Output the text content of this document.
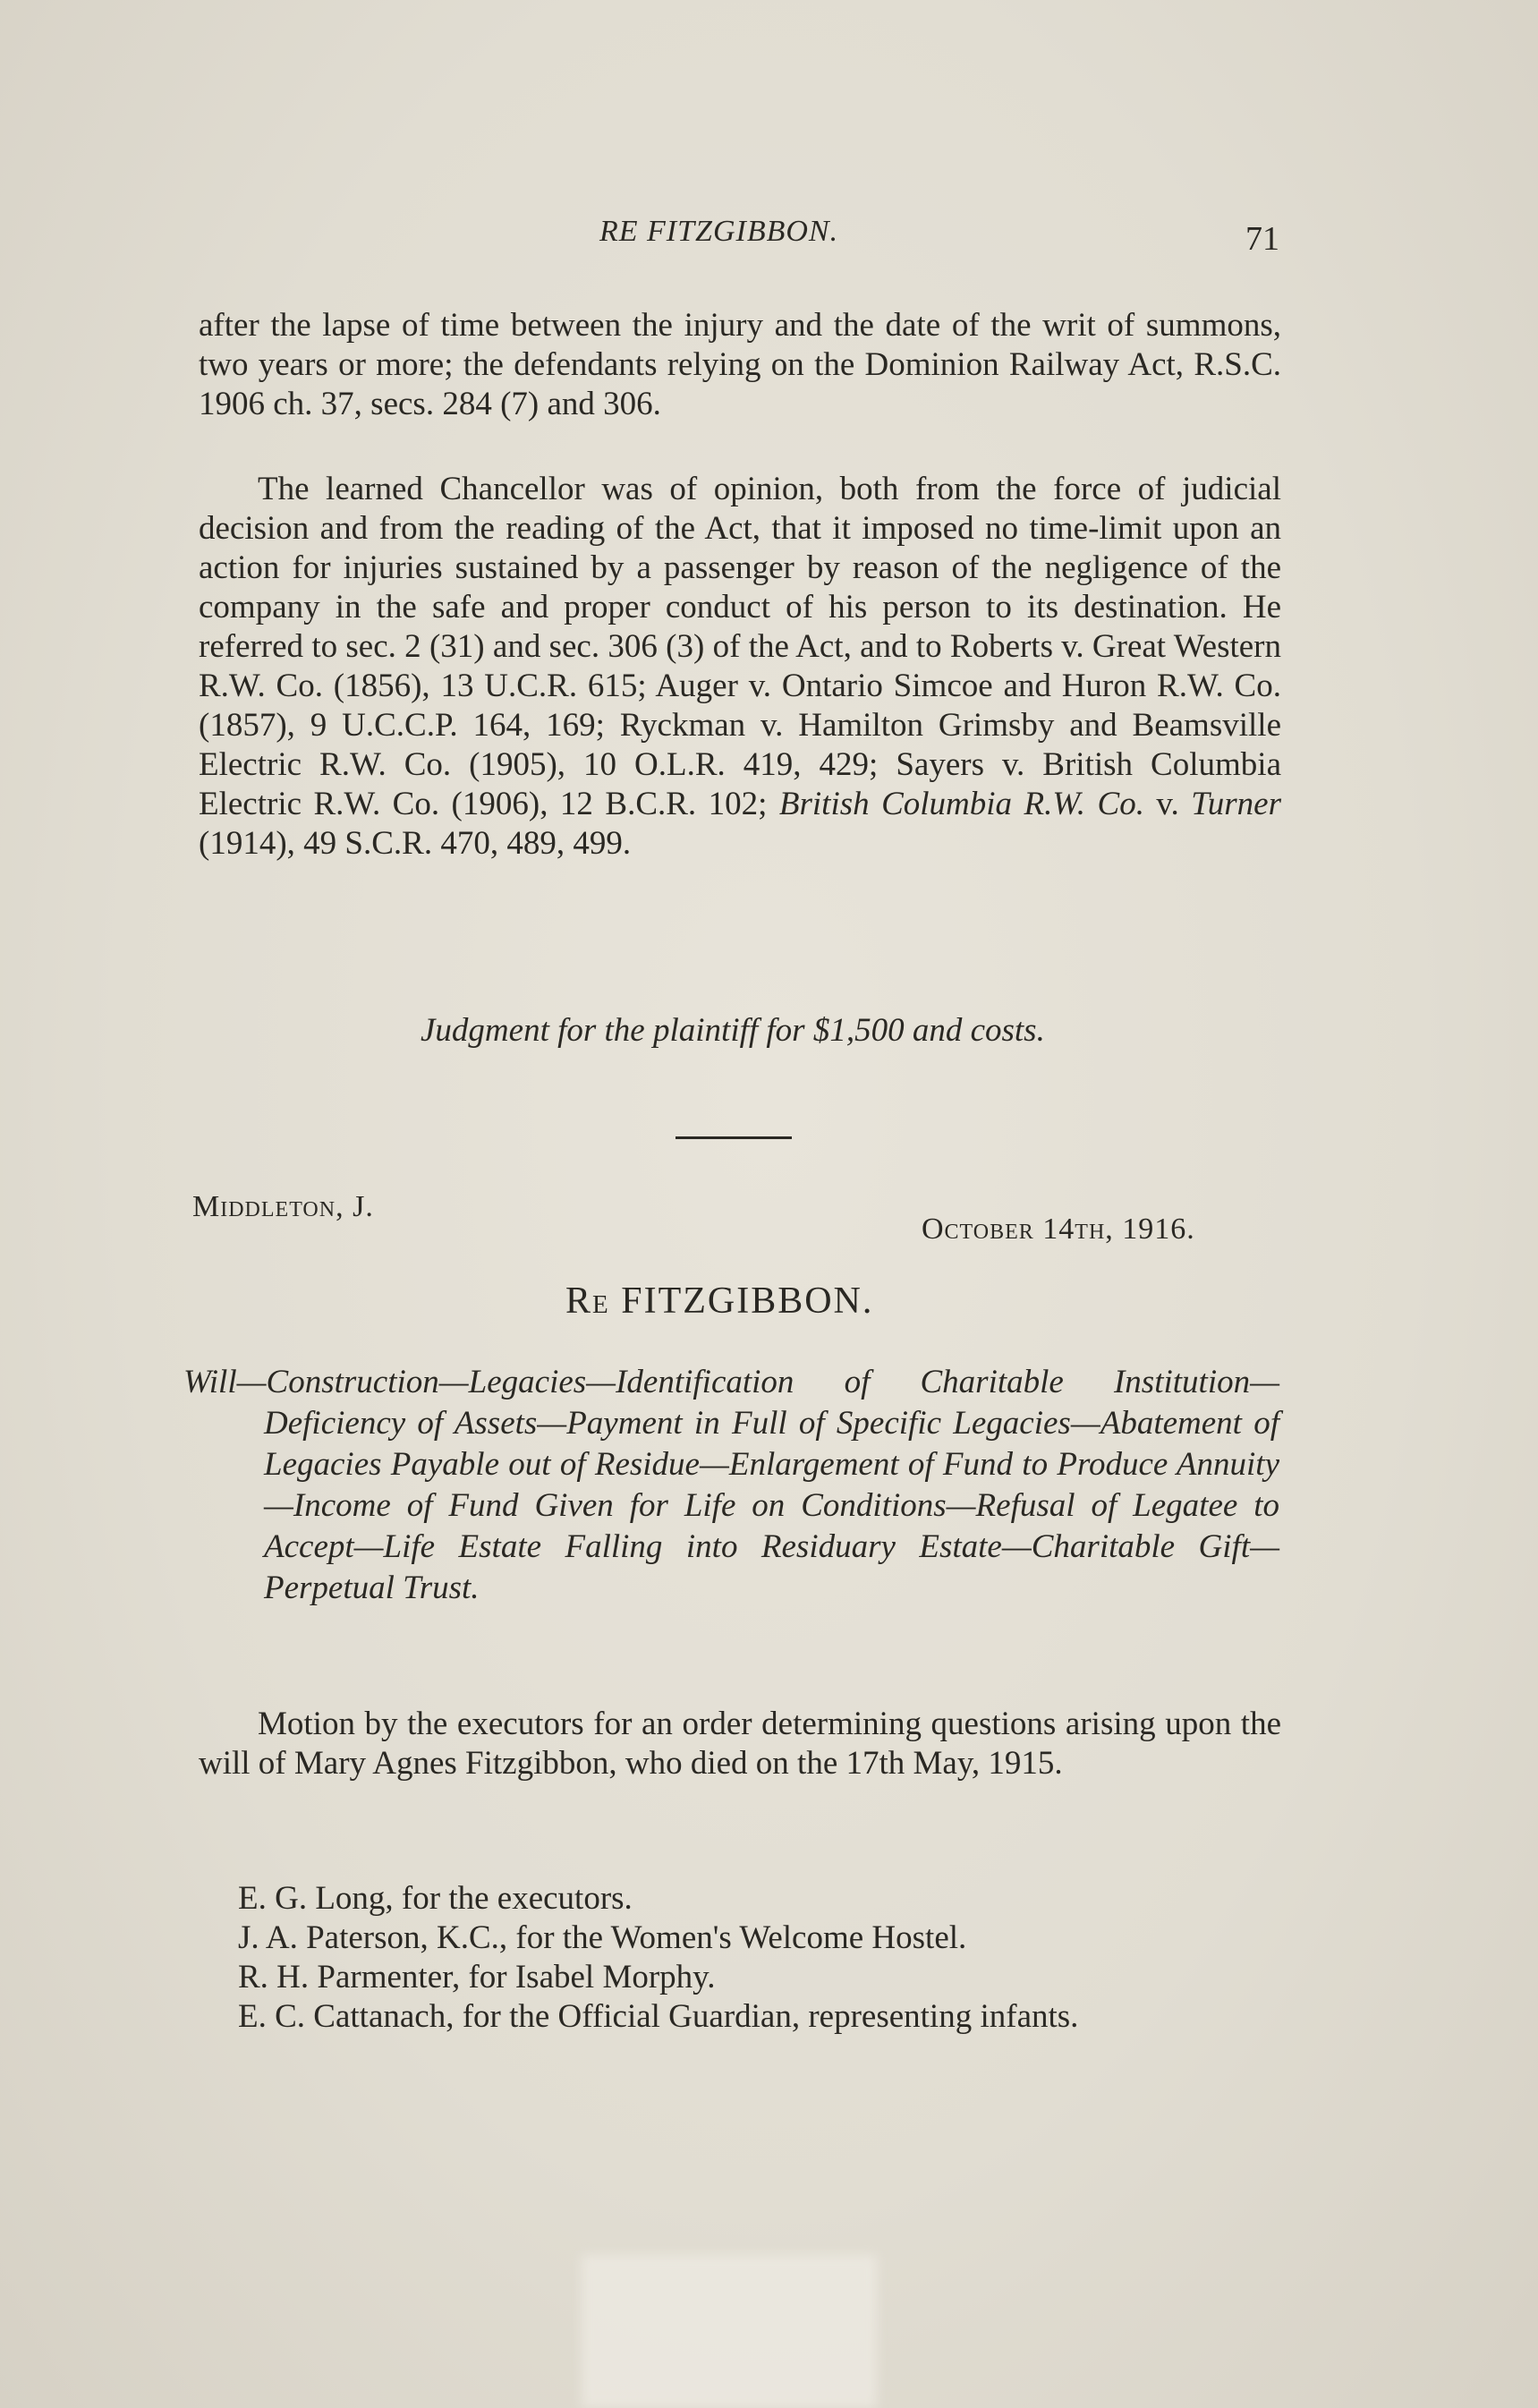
RE FITZGIBBON.	71

after the lapse of time between the injury and the date of the writ of summons, two years or more; the defendants relying on the Dominion Railway Act, R.S.C. 1906 ch. 37, secs. 284 (7) and 306.

The learned Chancellor was of opinion, both from the force of judicial decision and from the reading of the Act, that it imposed no time-limit upon an action for injuries sustained by a passenger by reason of the negligence of the company in the safe and proper conduct of his person to its destination. He referred to sec. 2 (31) and sec. 306 (3) of the Act, and to Roberts v. Great Western R.W. Co. (1856), 13 U.C.R. 615; Auger v. Ontario Simcoe and Huron R.W. Co. (1857), 9 U.C.C.P. 164, 169; Ryckman v. Hamilton Grimsby and Beamsville Electric R.W. Co. (1905), 10 O.L.R. 419, 429; Sayers v. British Columbia Electric R.W. Co. (1906), 12 B.C.R. 102; British Columbia R.W. Co. v. Turner (1914), 49 S.C.R. 470, 489, 499.

Judgment for the plaintiff for $1,500 and costs.
Middleton, J.
October 14th, 1916.
Re FITZGIBBON.
Will—Construction—Legacies—Identification of Charitable Institution—Deficiency of Assets—Payment in Full of Specific Legacies—Abatement of Legacies Payable out of Residue—Enlargement of Fund to Produce Annuity—Income of Fund Given for Life on Conditions—Refusal of Legatee to Accept—Life Estate Falling into Residuary Estate—Charitable Gift—Perpetual Trust.

Motion by the executors for an order determining questions arising upon the will of Mary Agnes Fitzgibbon, who died on the 17th May, 1915.

E. G. Long, for the executors.

J. A. Paterson, K.C., for the Women's Welcome Hostel.

R. H. Parmenter, for Isabel Morphy.

E. C. Cattanach, for the Official Guardian, representing infants.
